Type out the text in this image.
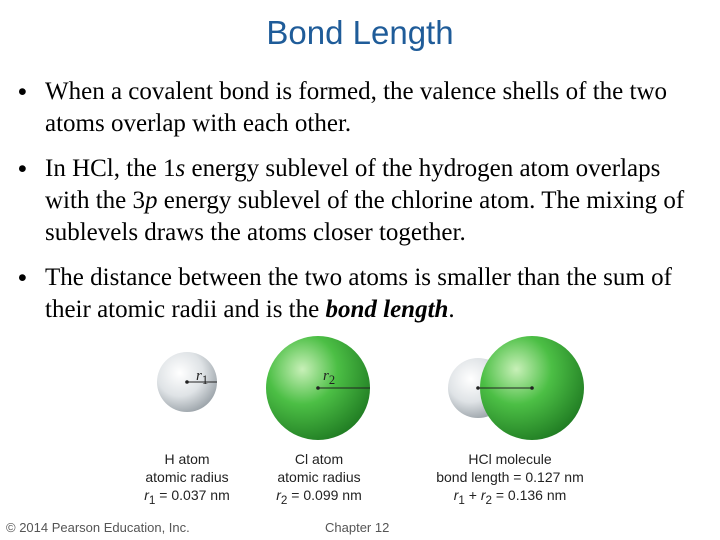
Bond Length
• When a covalent bond is formed, the valence shells of the two atoms overlap with each other.
• In HCl, the 1s energy sublevel of the hydrogen atom overlaps with the 3p energy sublevel of the chlorine atom. The mixing of sublevels draws the atoms closer together.
• The distance between the two atoms is smaller than the sum of their atomic radii and is the bond length.
$r_1$	$r_2$
H atom
atomic radius
$r_1 = 0.037$ nm
Cl atom
atomic radius
$r_2 = 0.099$ nm
HCl molecule
bond length = 0.127 nm
$r_1 + r_2 = 0.136$ nm
© 2014 Pearson Education, Inc.	Chapter 12
